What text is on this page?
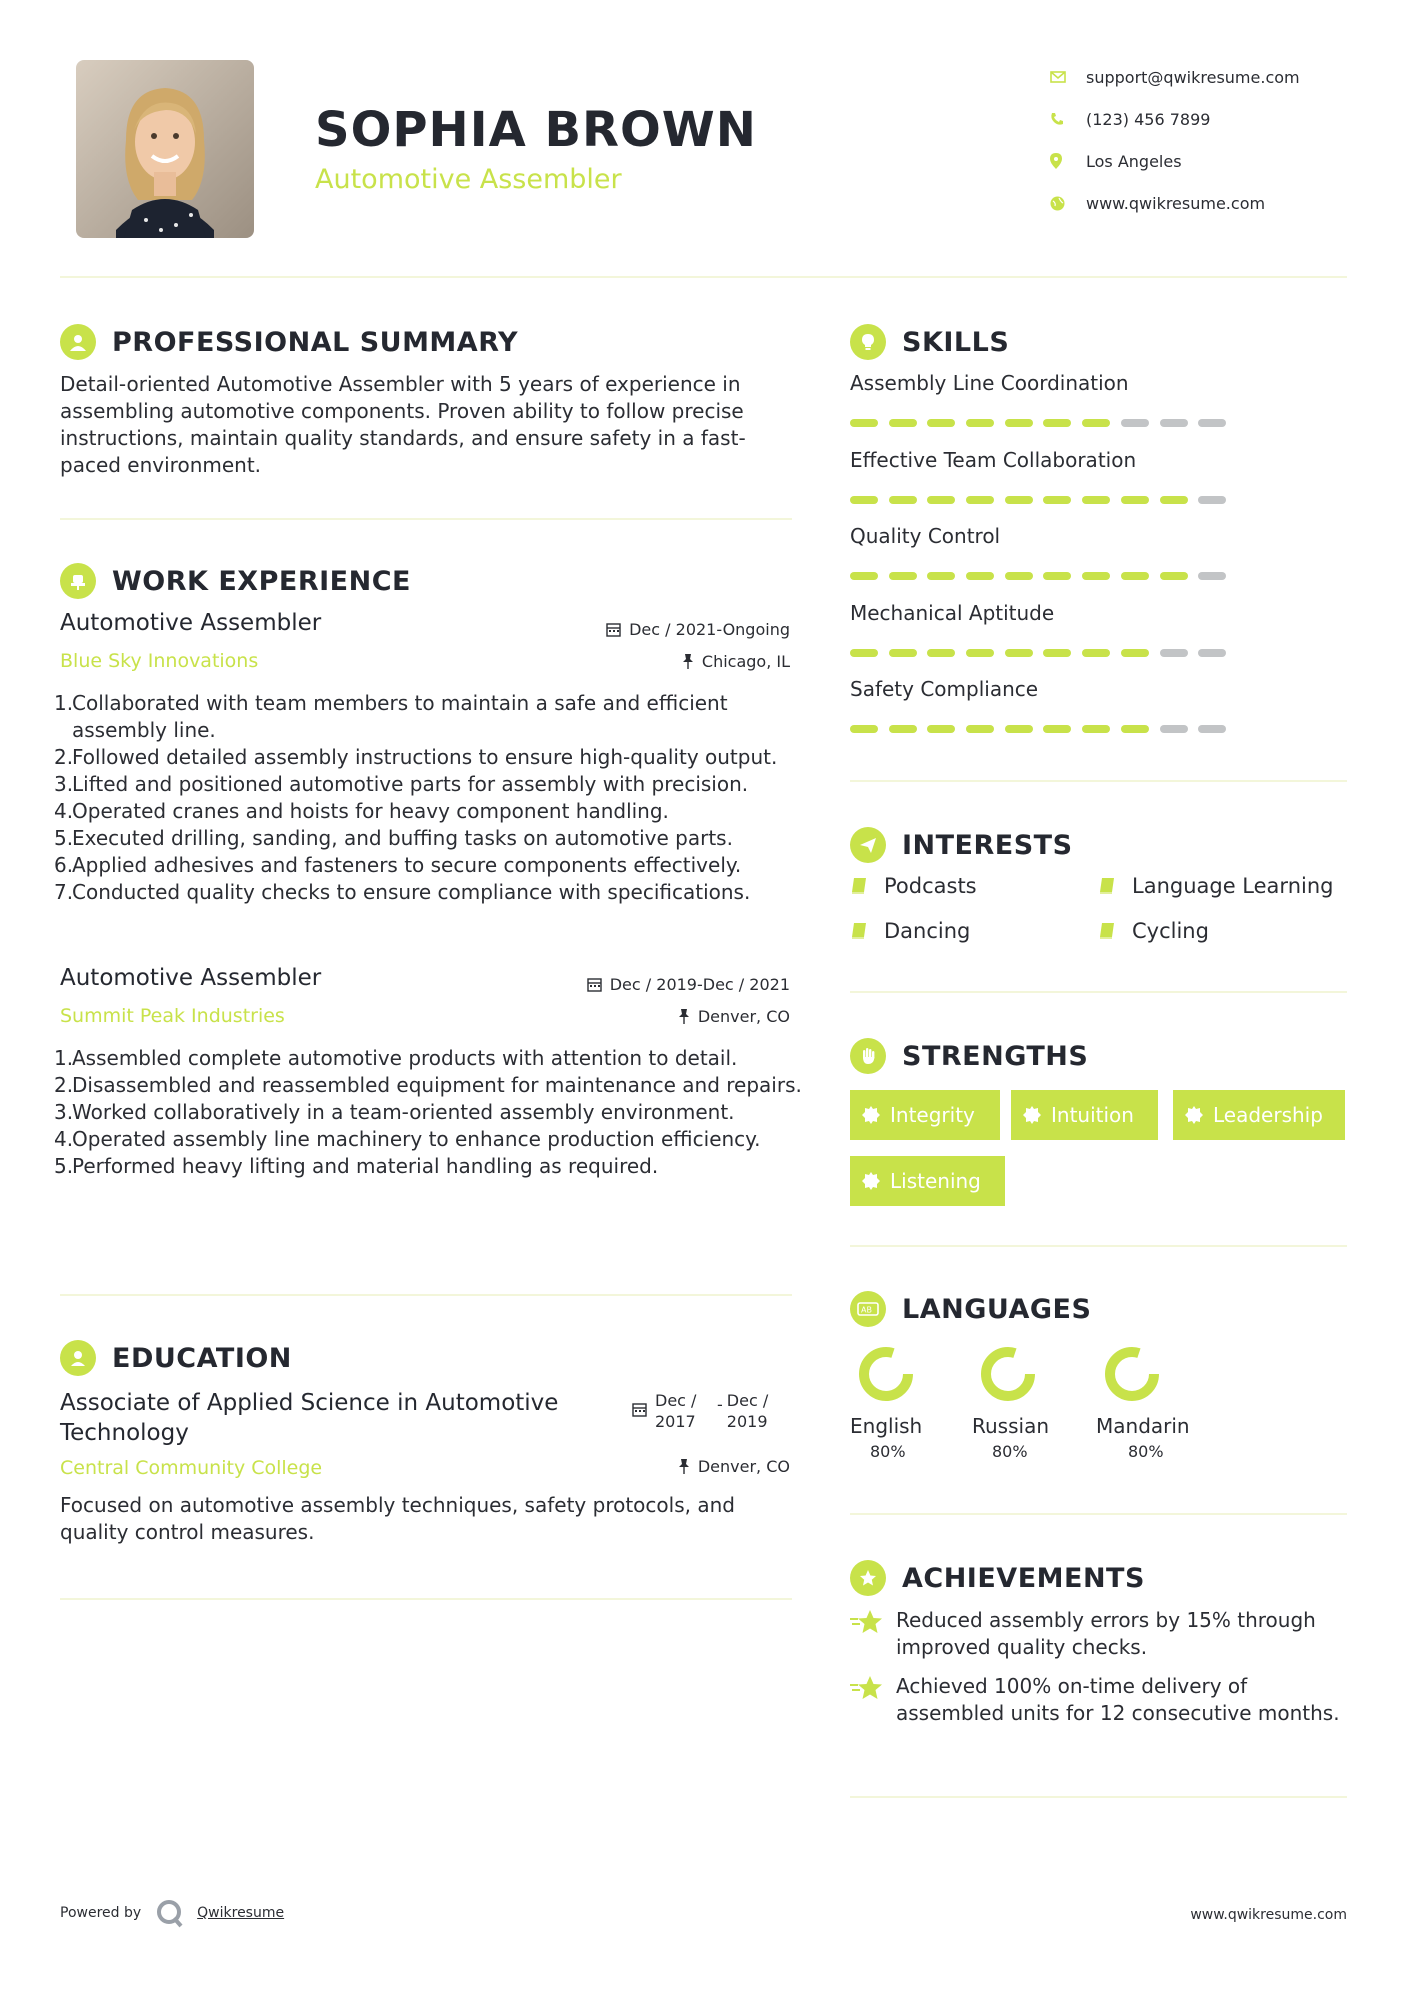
SOPHIA BROWN
Automotive Assembler
support@qwikresume.com
(123) 456 7899
Los Angeles
www.qwikresume.com
PROFESSIONAL SUMMARY
Detail-oriented Automotive Assembler with 5 years of experience in assembling automotive components. Proven ability to follow precise instructions, maintain quality standards, and ensure safety in a fast-paced environment.
WORK EXPERIENCE
Automotive Assembler	Dec / 2021-Ongoing
Blue Sky Innovations	Chicago, IL
1.
Collaborated with team members to maintain a safe and efficient assembly line.
2.
Followed detailed assembly instructions to ensure high-quality output.
3.
Lifted and positioned automotive parts for assembly with precision.
4.
Operated cranes and hoists for heavy component handling.
5.
Executed drilling, sanding, and buffing tasks on automotive parts.
6.
Applied adhesives and fasteners to secure components effectively.
7.
Conducted quality checks to ensure compliance with specifications.
Automotive Assembler	Dec / 2019-Dec / 2021
Summit Peak Industries	Denver, CO
1.
Assembled complete automotive products with attention to detail.
2.
Disassembled and reassembled equipment for maintenance and repairs.
3.
Worked collaboratively in a team-oriented assembly environment.
4.
Operated assembly line machinery to enhance production efficiency.
5.
Performed heavy lifting and material handling as required.
EDUCATION
Associate of Applied Science in Automotive Technology
Dec / 2017
- Dec / 2019
Central Community College	Denver, CO
Focused on automotive assembly techniques, safety protocols, and quality control measures.
SKILLS
Assembly Line Coordination
Effective Team Collaboration
Quality Control
Mechanical Aptitude
Safety Compliance
INTERESTS
Podcasts	Language Learning
Dancing	Cycling
STRENGTHS
Integrity	Intuition	Leadership
Listening
AB LANGUAGES
English
80%
Russian
80%
Mandarin
80%
ACHIEVEMENTS
Reduced assembly errors by 15% through improved quality checks.
Achieved 100% on-time delivery of assembled units for 12 consecutive months.
Powered by	Qwikresume	www.qwikresume.com
